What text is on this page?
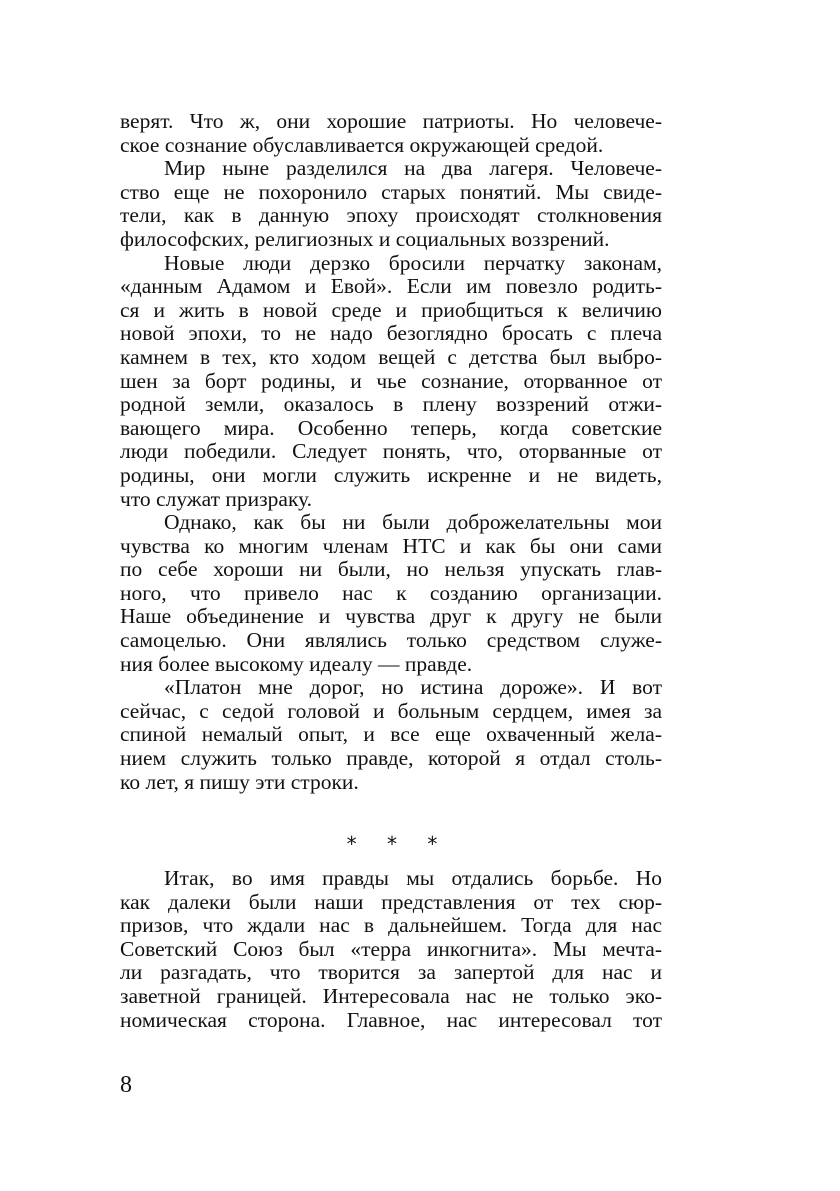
верят. Что ж, они хорошие патриоты. Но человече-
ское сознание обуславливается окружающей средой.
Мир ныне разделился на два лагеря. Человече-
ство еще не похоронило старых понятий. Мы свиде-
тели, как в данную эпоху происходят столкновения
философских, религиозных и социальных воззрений.
Новые люди дерзко бросили перчатку законам,
«данным Адамом и Евой». Если им повезло родить-
ся и жить в новой среде и приобщиться к величию
новой эпохи, то не надо безоглядно бросать с плеча
камнем в тех, кто ходом вещей с детства был выбро-
шен за борт родины, и чье сознание, оторванное от
родной земли, оказалось в плену воззрений отжи-
вающего мира. Особенно теперь, когда советские
люди победили. Следует понять, что, оторванные от
родины, они могли служить искренне и не видеть,
что служат призраку.
Однако, как бы ни были доброжелательны мои
чувства ко многим членам НТС и как бы они сами
по себе хороши ни были, но нельзя упускать глав-
ного, что привело нас к созданию организации.
Наше объединение и чувства друг к другу не были
самоцелью. Они являлись только средством служе-
ния более высокому идеалу — правде.
«Платон мне дорог, но истина дороже». И вот
сейчас, с седой головой и больным сердцем, имея за
спиной немалый опыт, и все еще охваченный жела-
нием служить только правде, которой я отдал столь-
ко лет, я пишу эти строки.
* * *
Итак, во имя правды мы отдались борьбе. Но
как далеки были наши представления от тех сюр-
призов, что ждали нас в дальнейшем. Тогда для нас
Советский Союз был «терра инкогнита». Мы мечта-
ли разгадать, что творится за запертой для нас и
заветной границей. Интересовала нас не только эко-
номическая сторона. Главное, нас интересовал тот
8
